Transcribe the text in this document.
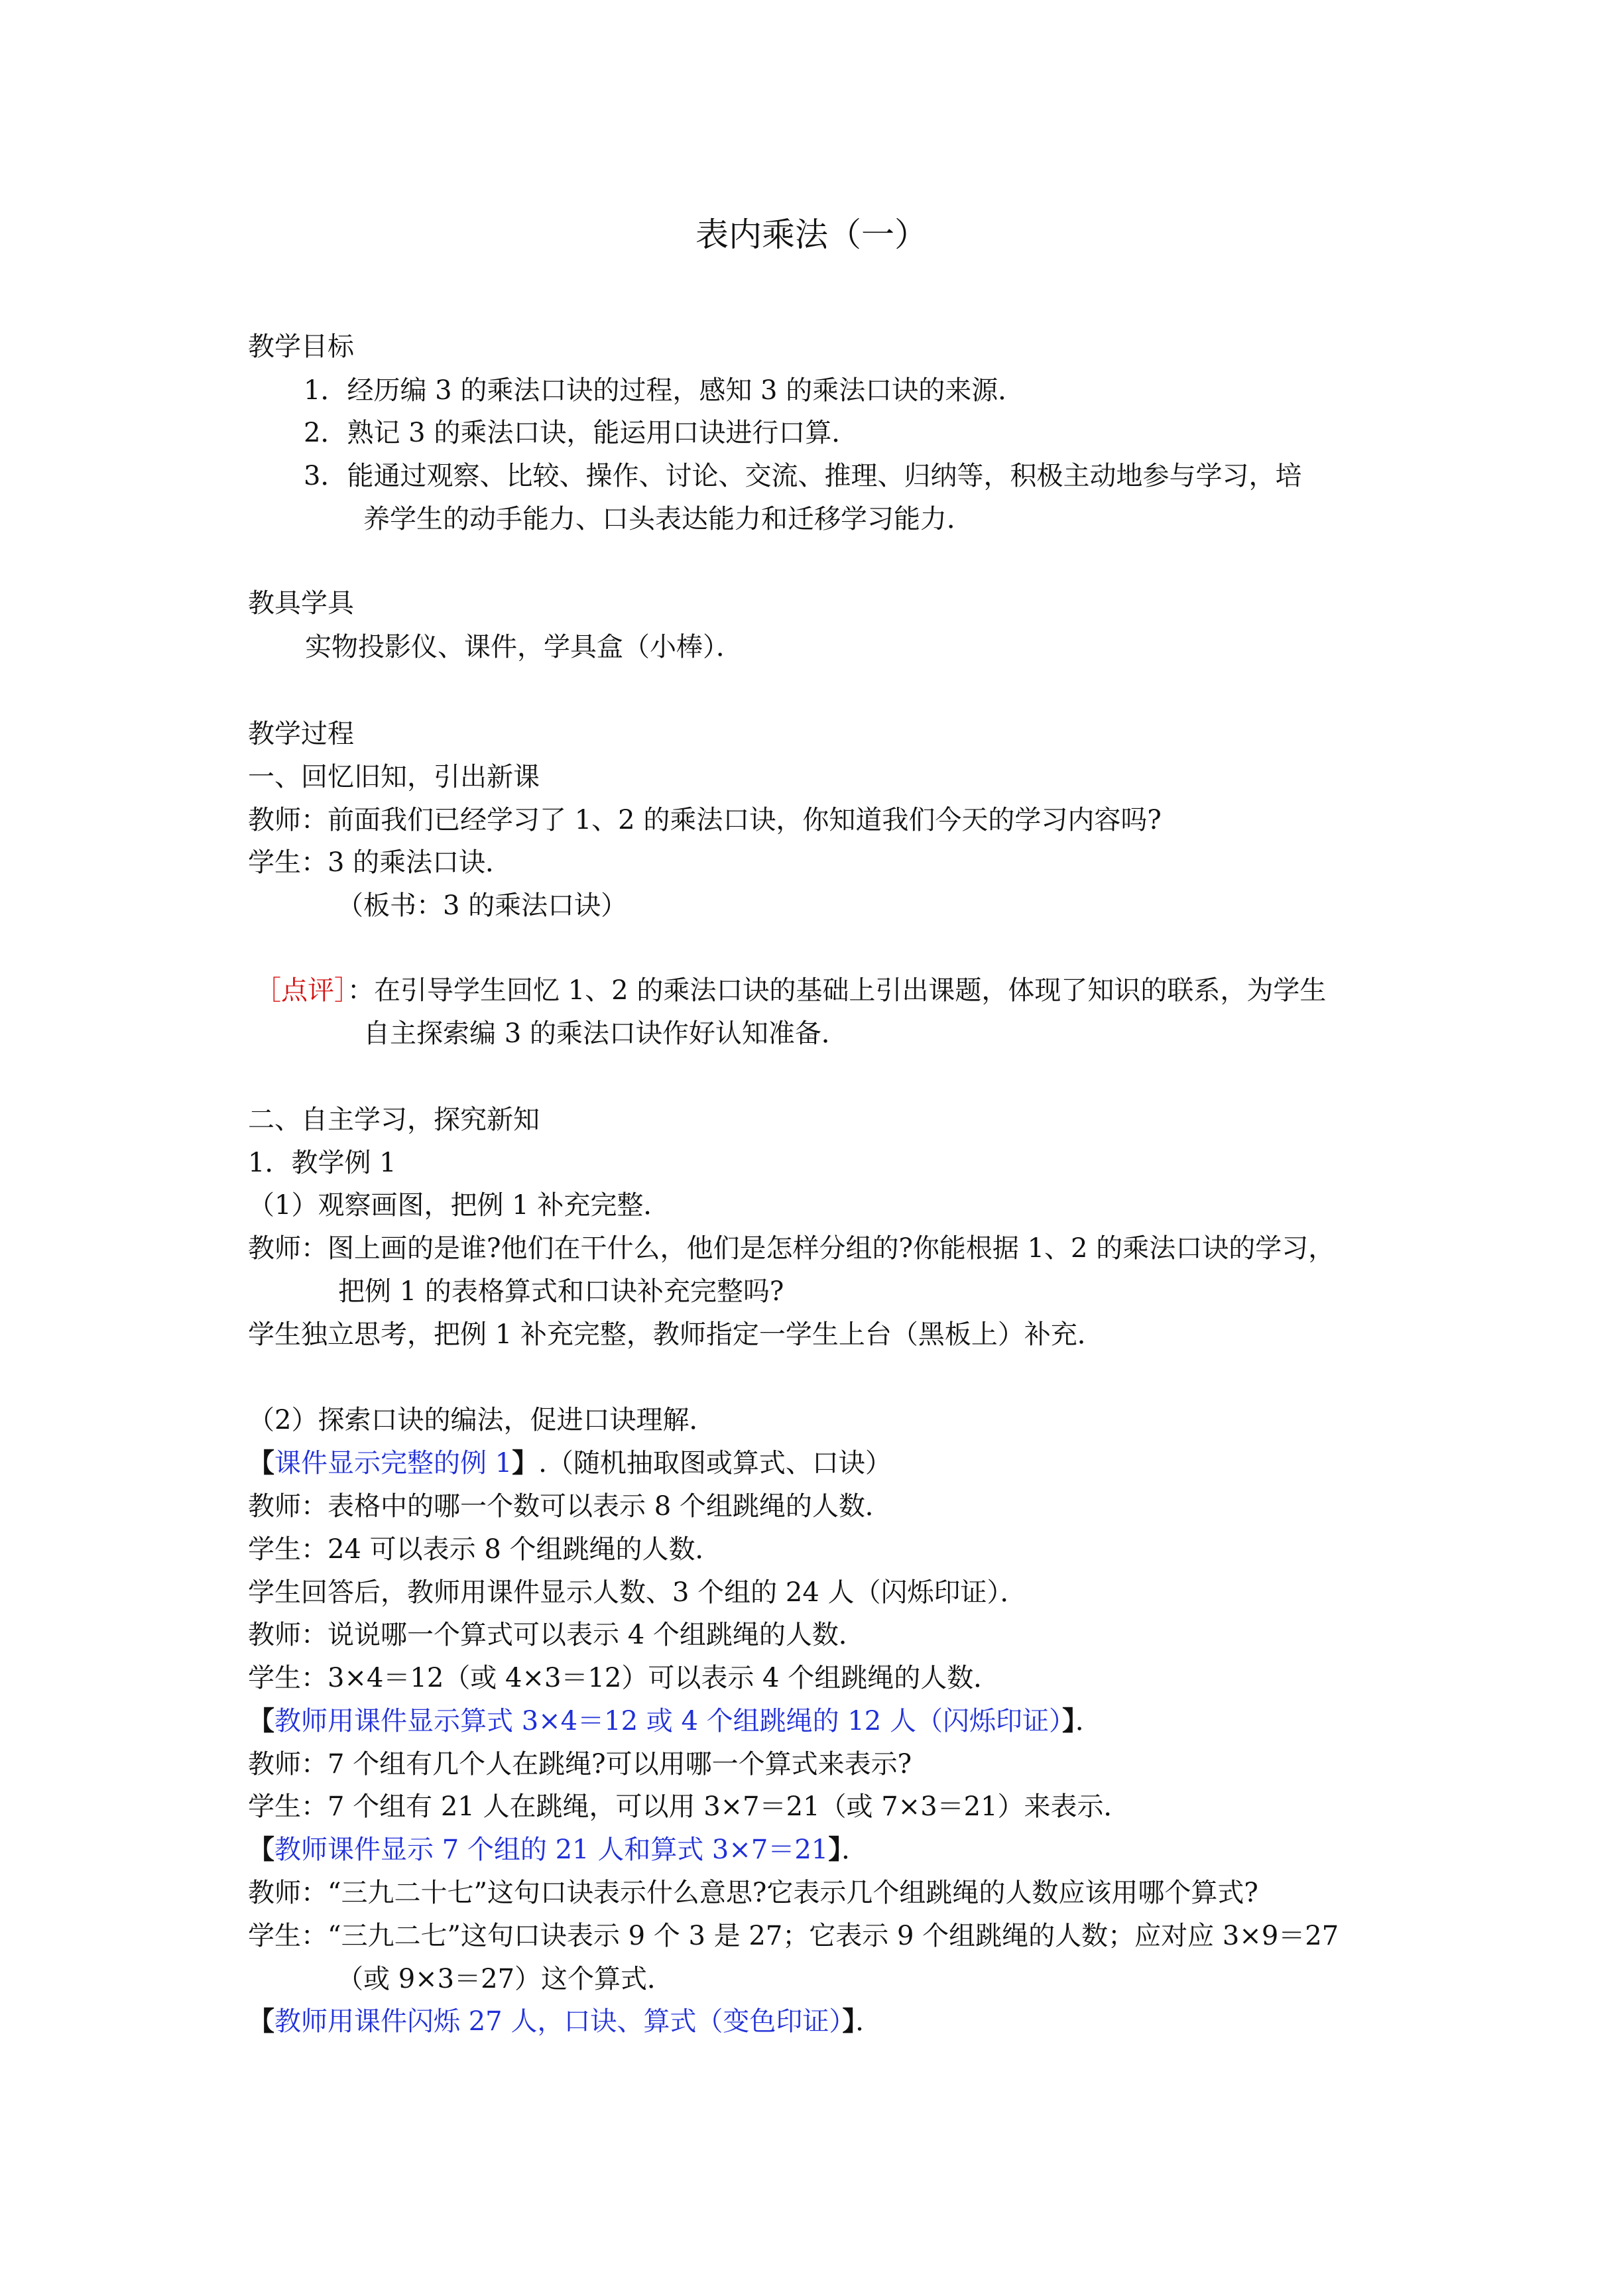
表内乘法（一）
教学目标
1．经历编 3 的乘法口诀的过程，感知 3 的乘法口诀的来源．
2．熟记 3 的乘法口诀，能运用口诀进行口算．
3．能通过观察、比较、操作、讨论、交流、推理、归纳等，积极主动地参与学习，培
养学生的动手能力、口头表达能力和迁移学习能力．
教具学具
实物投影仪、课件，学具盒（小棒）．
教学过程
一、回忆旧知，引出新课
教师：前面我们已经学习了 1、2 的乘法口诀，你知道我们今天的学习内容吗?
学生：3 的乘法口诀．
（板书：3 的乘法口诀）
［点评］：在引导学生回忆 1、2 的乘法口诀的基础上引出课题，体现了知识的联系，为学生
自主探索编 3 的乘法口诀作好认知准备．
二、自主学习，探究新知
1．教学例 1
（1）观察画图，把例 1 补充完整．
教师：图上画的是谁?他们在干什么，他们是怎样分组的?你能根据 1、2 的乘法口诀的学习，
把例 1 的表格算式和口诀补充完整吗?
学生独立思考，把例 1 补充完整，教师指定一学生上台（黑板上）补充．
（2）探索口诀的编法，促进口诀理解．
【课件显示完整的例 1】.（随机抽取图或算式、口诀）
教师：表格中的哪一个数可以表示 8 个组跳绳的人数．
学生：24 可以表示 8 个组跳绳的人数．
学生回答后，教师用课件显示人数、3 个组的 24 人（闪烁印证）．
教师：说说哪一个算式可以表示 4 个组跳绳的人数．
学生：3×4＝12（或 4×3＝12）可以表示 4 个组跳绳的人数．
【教师用课件显示算式 3×4＝12 或 4 个组跳绳的 12 人（闪烁印证）】．
教师：7 个组有几个人在跳绳?可以用哪一个算式来表示?
学生：7 个组有 21 人在跳绳，可以用 3×7＝21（或 7×3＝21）来表示．
【教师课件显示 7 个组的 21 人和算式 3×7＝21】．
教师：“三九二十七”这句口诀表示什么意思?它表示几个组跳绳的人数应该用哪个算式?
学生：“三九二七”这句口诀表示 9 个 3 是 27；它表示 9 个组跳绳的人数；应对应 3×9＝27
（或 9×3＝27）这个算式．
【教师用课件闪烁 27 人，口诀、算式（变色印证）】．
